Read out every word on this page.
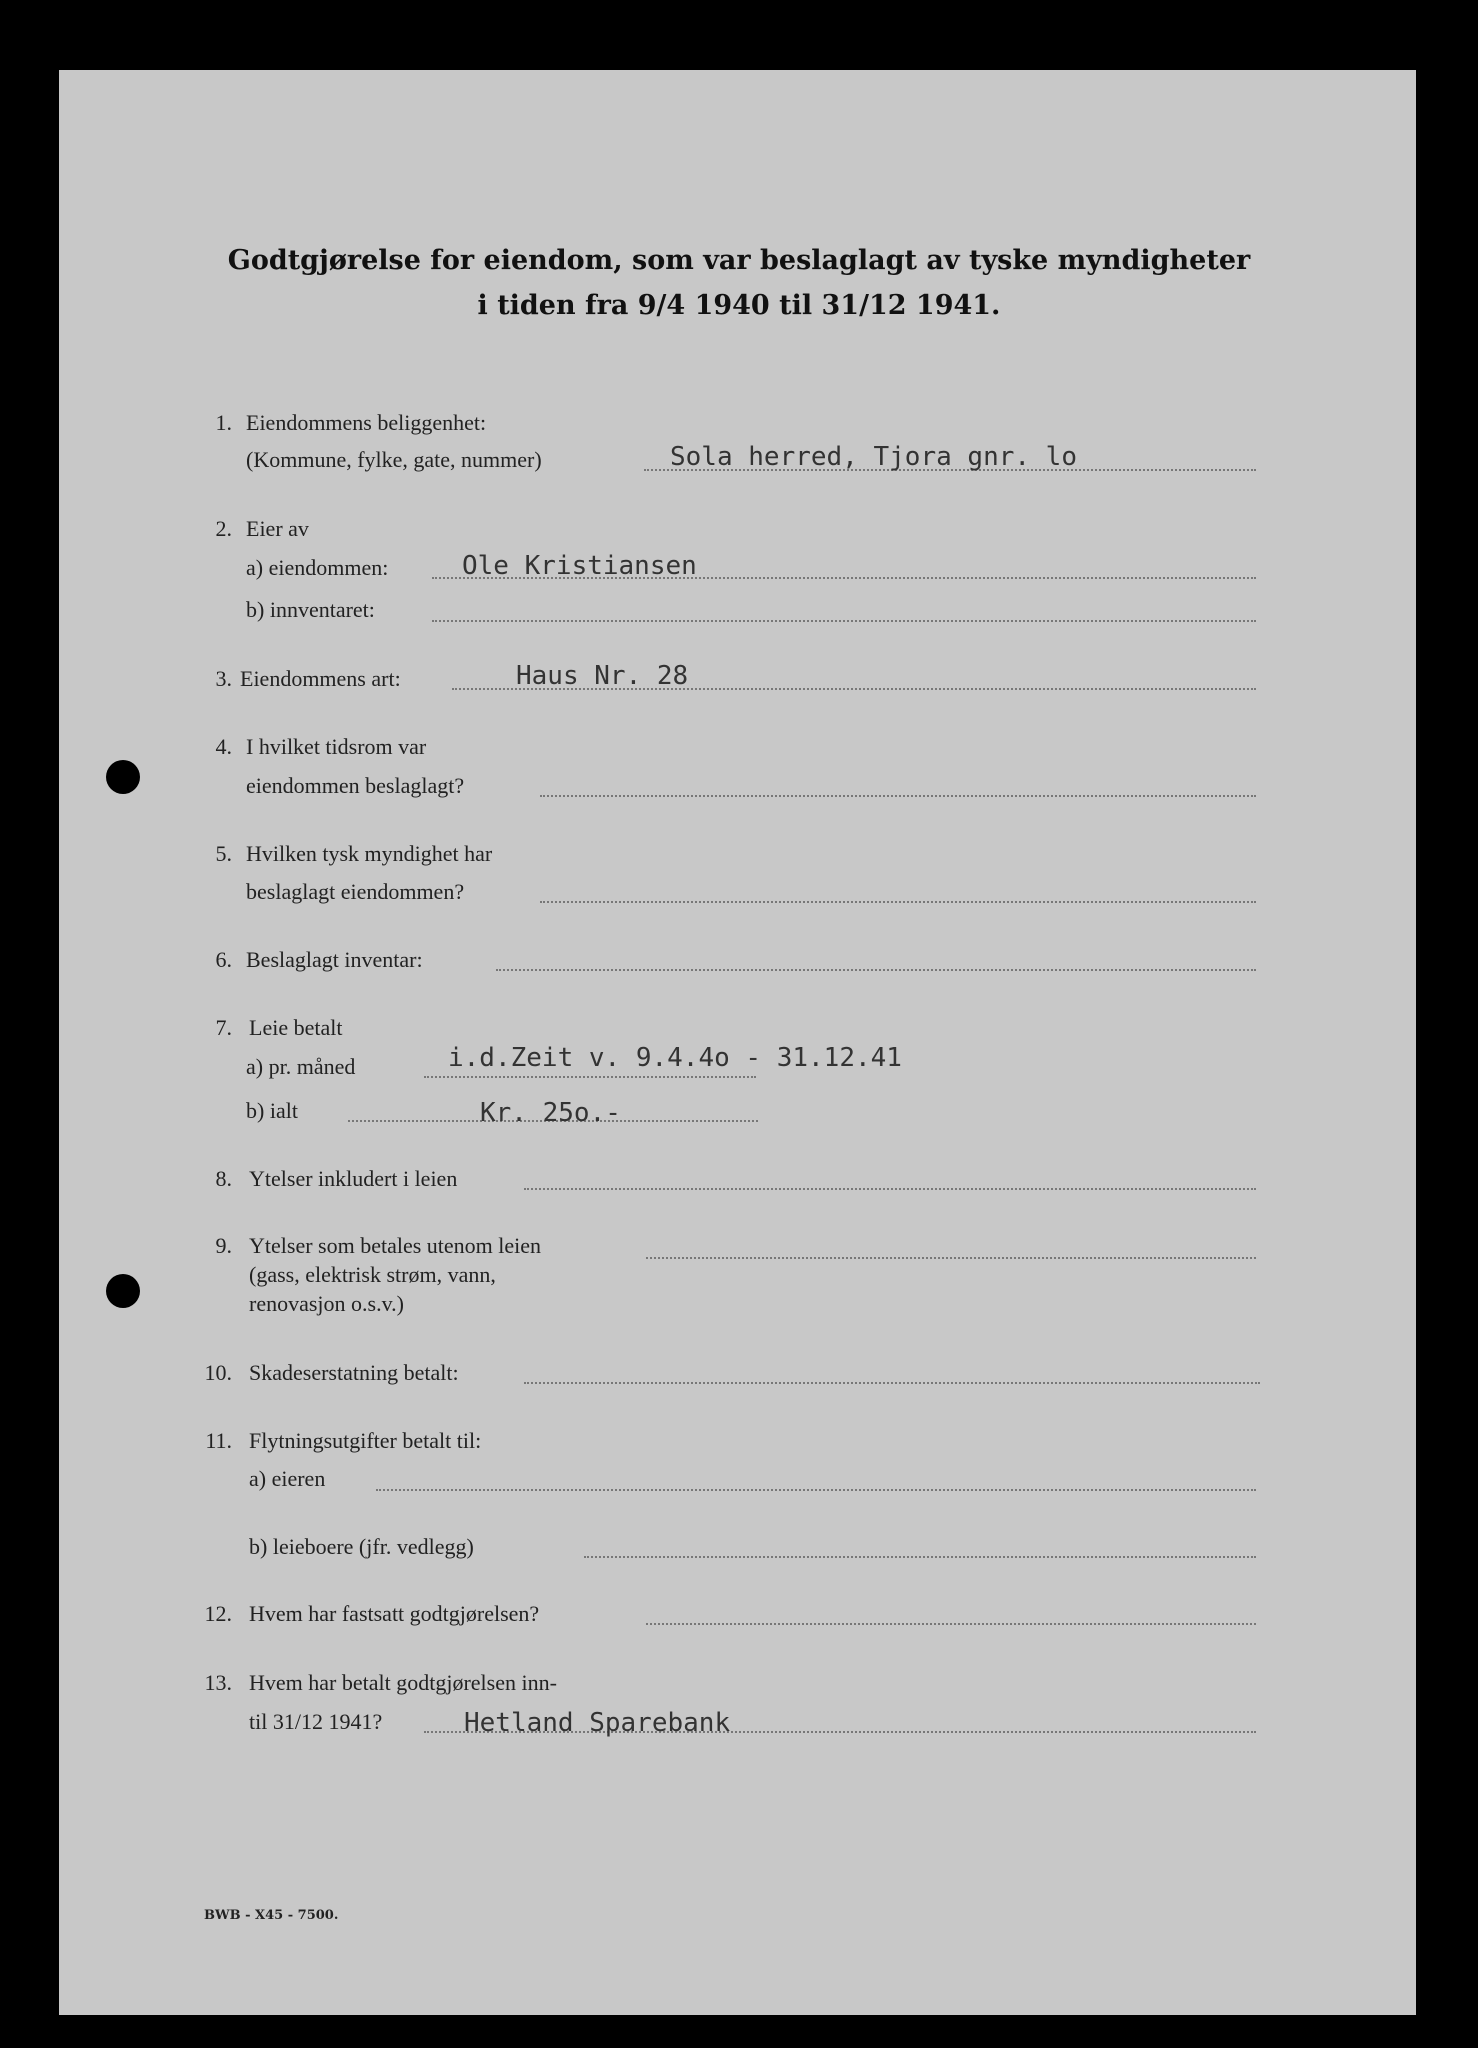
Godtgjørelse for eiendom, som var beslaglagt av tyske myndigheter
i tiden fra 9/4 1940 til 31/12 1941.
1. Eiendommens beliggenhet:
(Kommune, fylke, gate, nummer)	Sola herred, Tjora gnr. lo
2. Eier av
a) eiendommen:	Ole Kristiansen
b) innventaret:
3. Eiendommens art:	Haus Nr. 28
4. I hvilket tidsrom var
eiendommen beslaglagt?
5. Hvilken tysk myndighet har
beslaglagt eiendommen?
6. Beslaglagt inventar:
7. Leie betalt
a) pr. måned	i.d.Zeit v. 9.4.4o - 31.12.41
b) ialt	Kr. 25o.-
8. Ytelser inkludert i leien
9. Ytelser som betales utenom leien
(gass, elektrisk strøm, vann,
renovasjon o.s.v.)
10. Skadeserstatning betalt:
11. Flytningsutgifter betalt til:
a) eieren
b) leieboere (jfr. vedlegg)
12. Hvem har fastsatt godtgjørelsen?
13. Hvem har betalt godtgjørelsen inn-
til 31/12 1941?	Hetland Sparebank
BWB - X45 - 7500.
